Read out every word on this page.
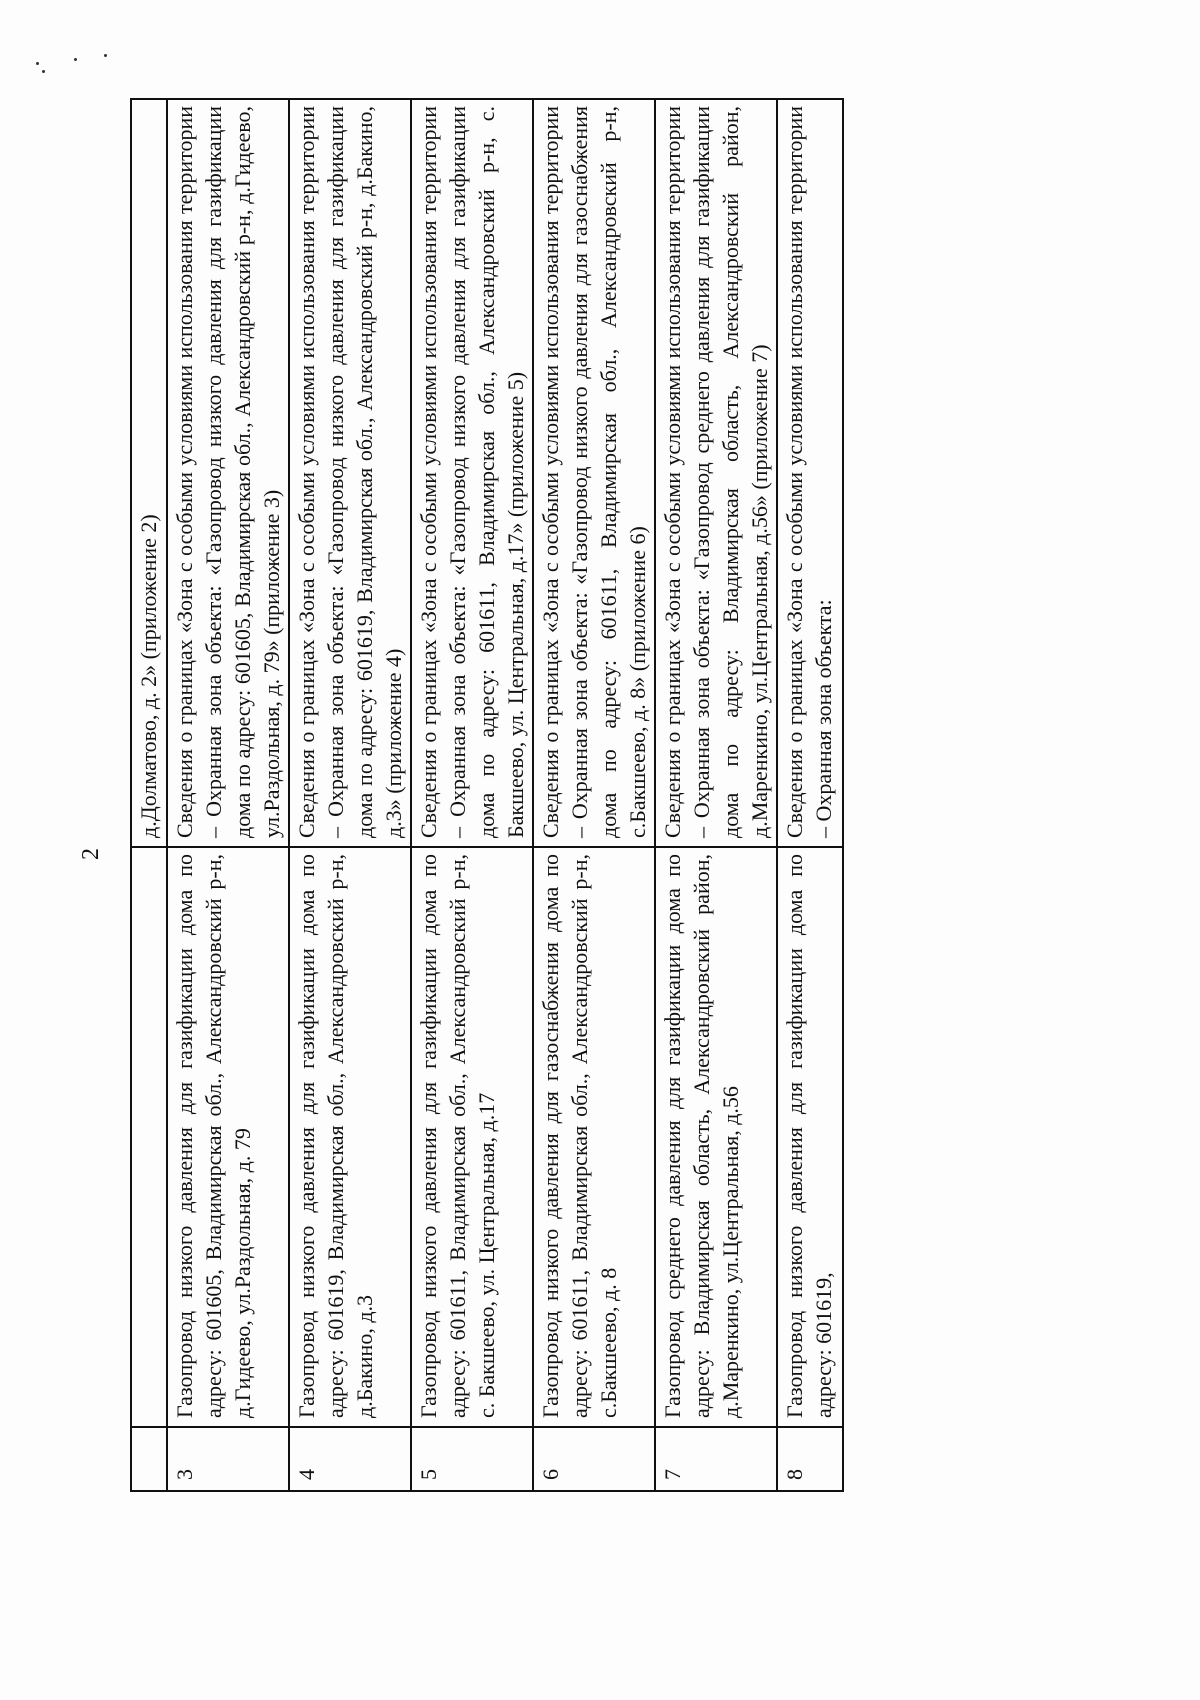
2
		д.Долматово, д. 2» (приложение 2)
3	Газопровод низкого давления для газификации дома по адресу: 601605, Владимирская обл., Александровский р-н, д.Гидеево, ул.Раздольная, д. 79	Сведения о границах «Зона с особыми условиями использования территории – Охранная зона объекта: «Газопровод низкого давления для газификации дома по адресу: 601605, Владимирская обл., Александровский р-н, д.Гидеево, ул.Раздольная, д. 79» (приложение 3)
4	Газопровод низкого давления для газификации дома по адресу: 601619, Владимирская обл., Александровский р-н, д.Бакино, д.3	Сведения о границах «Зона с особыми условиями использования территории – Охранная зона объекта: «Газопровод низкого давления для газификации дома по адресу: 601619, Владимирская обл., Александровский р-н, д.Бакино, д.3» (приложение 4)
5	Газопровод низкого давления для газификации дома по адресу: 601611, Владимирская обл., Александровский р-н, с. Бакшеево, ул. Центральная, д.17	Сведения о границах «Зона с особыми условиями использования территории – Охранная зона объекта: «Газопровод низкого давления для газификации дома по адресу: 601611, Владимирская обл., Александровский р-н, с. Бакшеево, ул. Центральная, д.17» (приложение 5)
6	Газопровод низкого давления для газоснабжения дома по адресу: 601611, Владимирская обл., Александровский р-н, с.Бакшеево, д. 8	Сведения о границах «Зона с особыми условиями использования территории – Охранная зона объекта: «Газопровод низкого давления для газоснабжения дома по адресу: 601611, Владимирская обл., Александровский р-н, с.Бакшеево, д. 8» (приложение 6)
7	Газопровод среднего давления для газификации дома по адресу: Владимирская область, Александровский район, д.Маренкино, ул.Центральная, д.56	Сведения о границах «Зона с особыми условиями использования территории – Охранная зона объекта: «Газопровод среднего давления для газификации дома по адресу: Владимирская область, Александровский район, д.Маренкино, ул.Центральная, д.56» (приложение 7)
8	Газопровод низкого давления для газификации дома по адресу: 601619,	Сведения о границах «Зона с особыми условиями использования территории – Охранная зона объекта:
